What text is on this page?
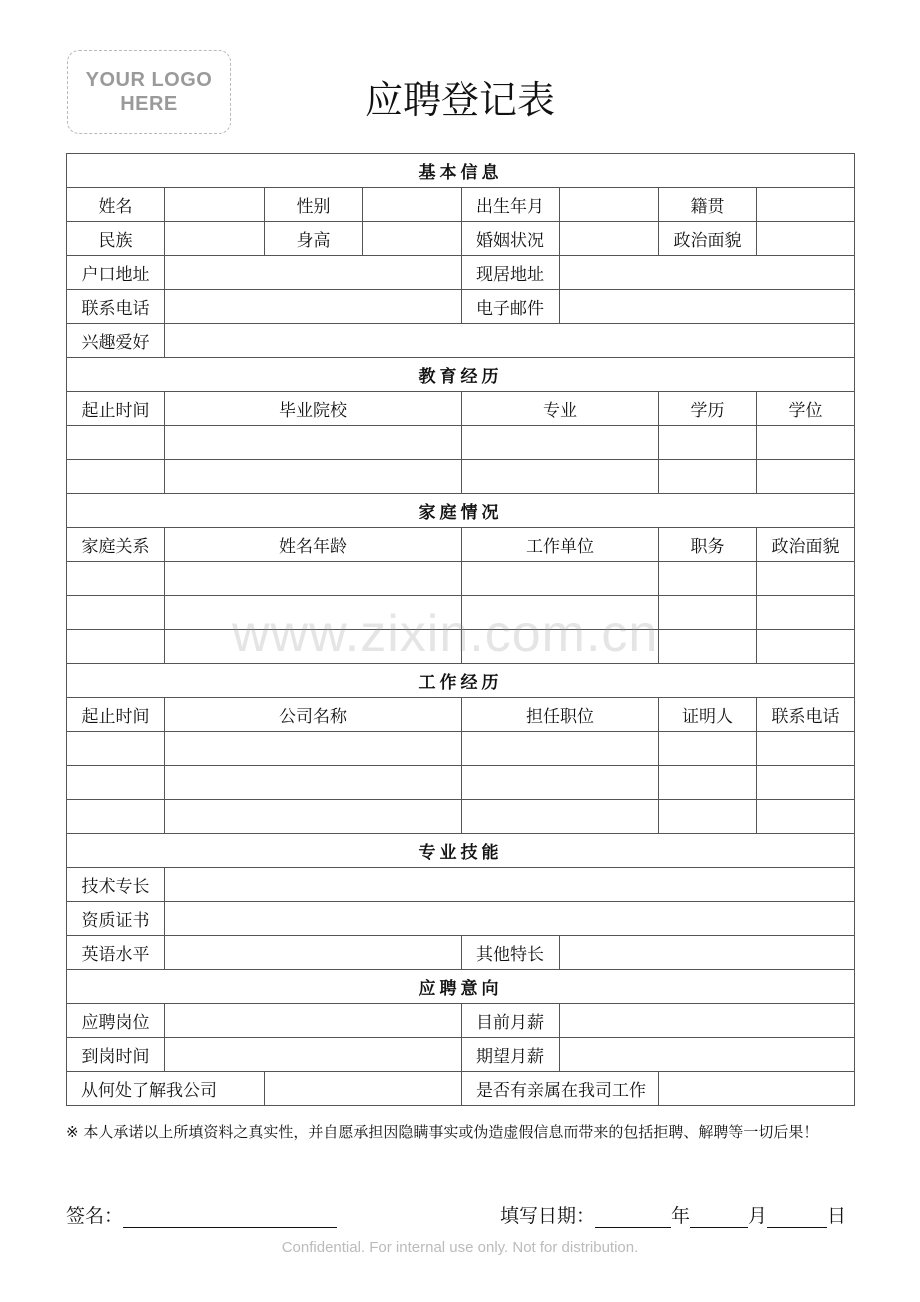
YOUR LOGO
HERE	应聘登记表
基本信息							
姓名		性别		出生年月		籍贯	
民族		身高		婚姻状况		政治面貌	
户口地址				现居地址			
联系电话				电子邮件			
兴趣爱好							
教育经历							
起止时间	毕业院校			专业		学历	学位

家庭情况							
家庭关系	姓名年龄			工作单位		职务	政治面貌

工作经历							
起止时间	公司名称			担任职位		证明人	联系电话

专业技能							
技术专长							
资质证书							
英语水平				其他特长			
应聘意向							
应聘岗位				目前月薪			
到岗时间				期望月薪			
从何处了解我公司				是否有亲属在我司工作			
www.zixin.com.cn
※ 本人承诺以上所填资料之真实性，并自愿承担因隐瞒事实或伪造虚假信息而带来的包括拒聘、解聘等一切后果！
签名：	填写日期：	年	月	日
Confidential. For internal use only. Not for distribution.
